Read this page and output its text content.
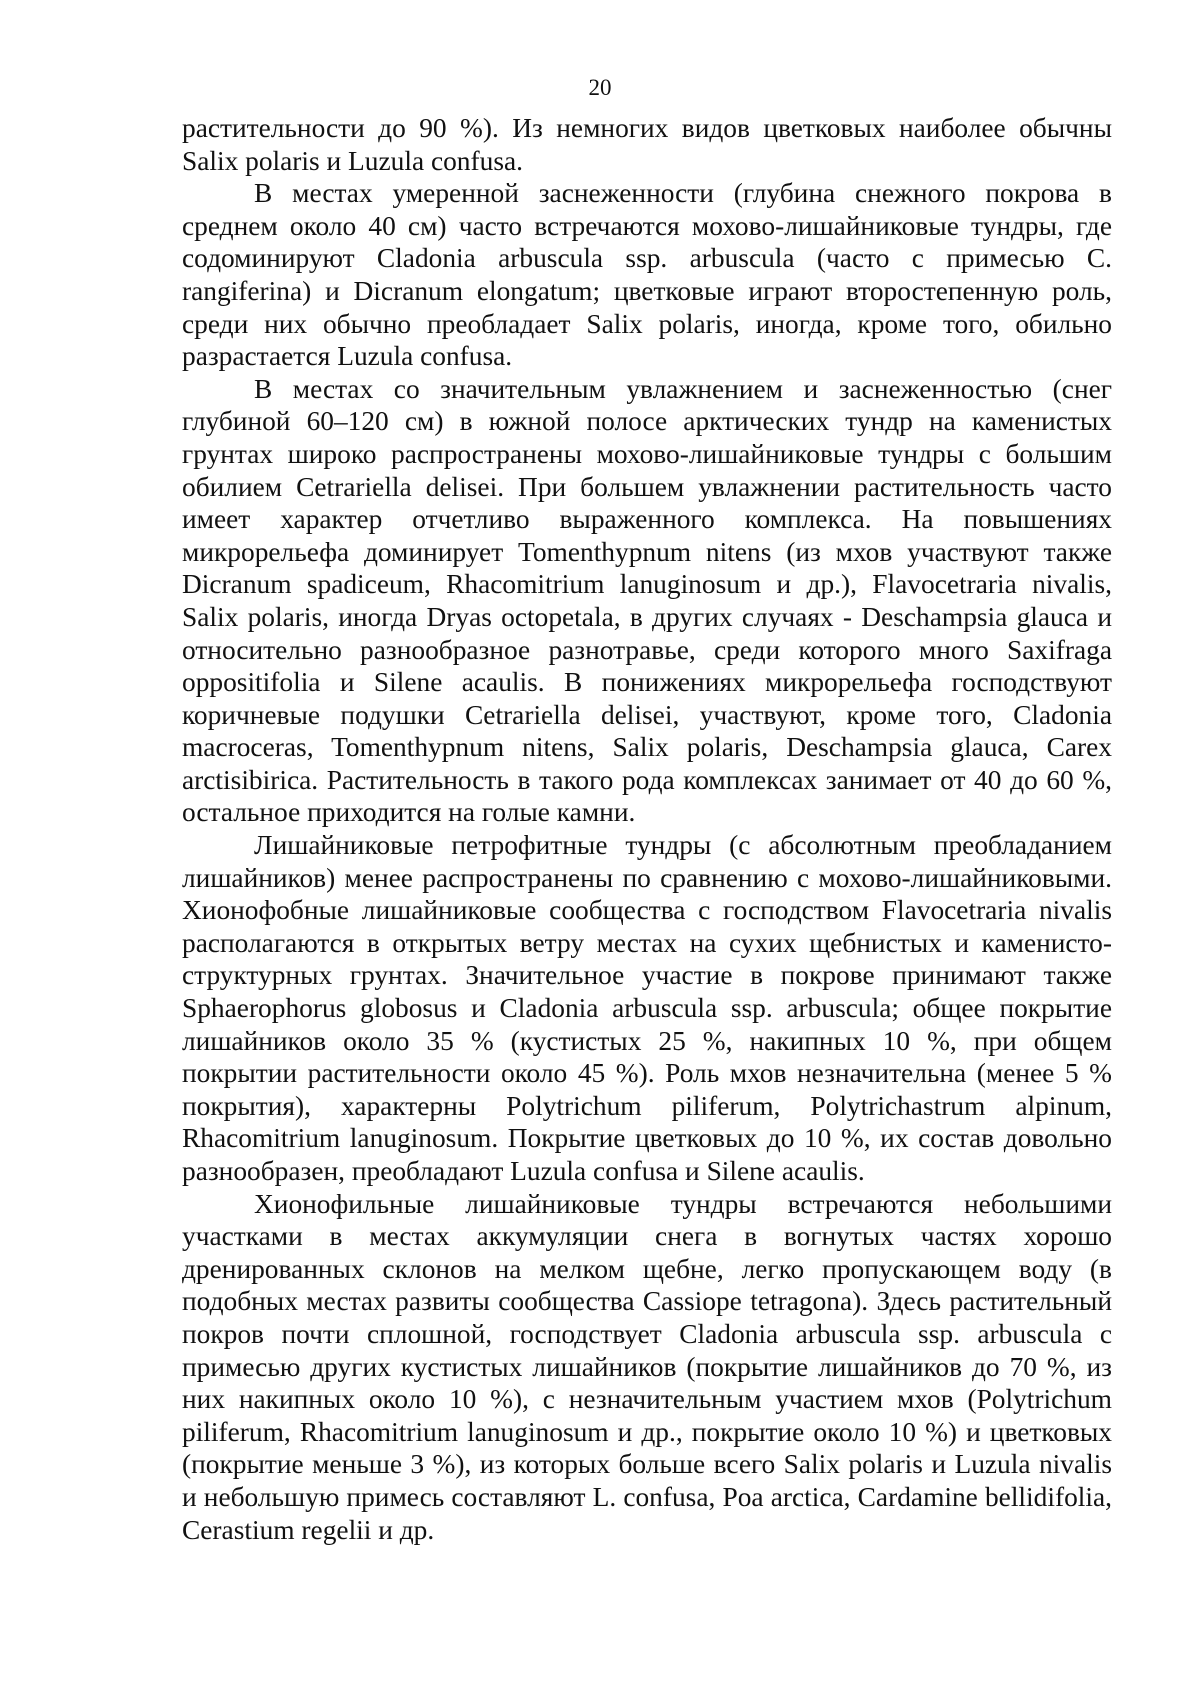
20

растительности до 90 %). Из немногих видов цветковых наиболее обычны Salix polaris и Luzula confusa.

В местах умеренной заснеженности (глубина снежного покрова в среднем около 40 см) часто встречаются мохово-лишайниковые тундры, где содоминируют Cladonia arbuscula ssp. arbuscula (часто с примесью C. rangiferina) и Dicranum elongatum; цветковые играют второстепенную роль, среди них обычно преобладает Salix polaris, иногда, кроме того, обильно разрастается Luzula confusa.

В местах со значительным увлажнением и заснеженностью (снег глубиной 60–120 см) в южной полосе арктических тундр на каменистых грунтах широко распространены мохово-лишайниковые тундры с большим обилием Cetrariella delisei. При большем увлажнении растительность часто имеет характер отчетливо выраженного комплекса. На повышениях микрорельефа доминирует Tomenthypnum nitens (из мхов участвуют также Dicranum spadiceum, Rhacomitrium lanuginosum и др.), Flavocetraria nivalis, Salix polaris, иногда Dryas octopetala, в других случаях - Deschampsia glauca и относительно разнообразное разнотравье, среди которого много Saxifraga oppositifolia и Silene acaulis. В понижениях микрорельефа господствуют коричневые подушки Cetrariella delisei, участвуют, кроме того, Cladonia macroceras, Tomenthypnum nitens, Salix polaris, Deschampsia glauca, Carex arctisibirica. Растительность в такого рода комплексах занимает от 40 до 60 %, остальное приходится на голые камни.

Лишайниковые петрофитные тундры (с абсолютным преобладанием лишайников) менее распространены по сравнению с мохово-лишайниковыми. Хионофобные лишайниковые сообщества с господством Flavocetraria nivalis располагаются в открытых ветру местах на сухих щебнистых и каменисто-структурных грунтах. Значительное участие в покрове принимают также Sphaerophorus globosus и Cladonia arbuscula ssp. arbuscula; общее покрытие лишайников около 35 % (кустистых 25 %, накипных 10 %, при общем покрытии растительности около 45 %). Роль мхов незначительна (менее 5 % покрытия), характерны Polytrichum piliferum, Polytrichastrum alpinum, Rhacomitrium lanuginosum. Покрытие цветковых до 10 %, их состав довольно разнообразен, преобладают Luzula confusa и Silene acaulis.

Хионофильные лишайниковые тундры встречаются небольшими участками в местах аккумуляции снега в вогнутых частях хорошо дренированных склонов на мелком щебне, легко пропускающем воду (в подобных местах развиты сообщества Cassiope tetragona). Здесь растительный покров почти сплошной, господствует Cladonia arbuscula ssp. arbuscula с примесью других кустистых лишайников (покрытие лишайников до 70 %, из них накипных около 10 %), с незначительным участием мхов (Polytrichum piliferum, Rhacomitrium lanuginosum и др., покрытие около 10 %) и цветковых (покрытие меньше 3 %), из которых больше всего Salix polaris и Luzula nivalis и небольшую примесь составляют L. confusa, Poa arctica, Cardamine bellidifolia, Cerastium regelii и др.
